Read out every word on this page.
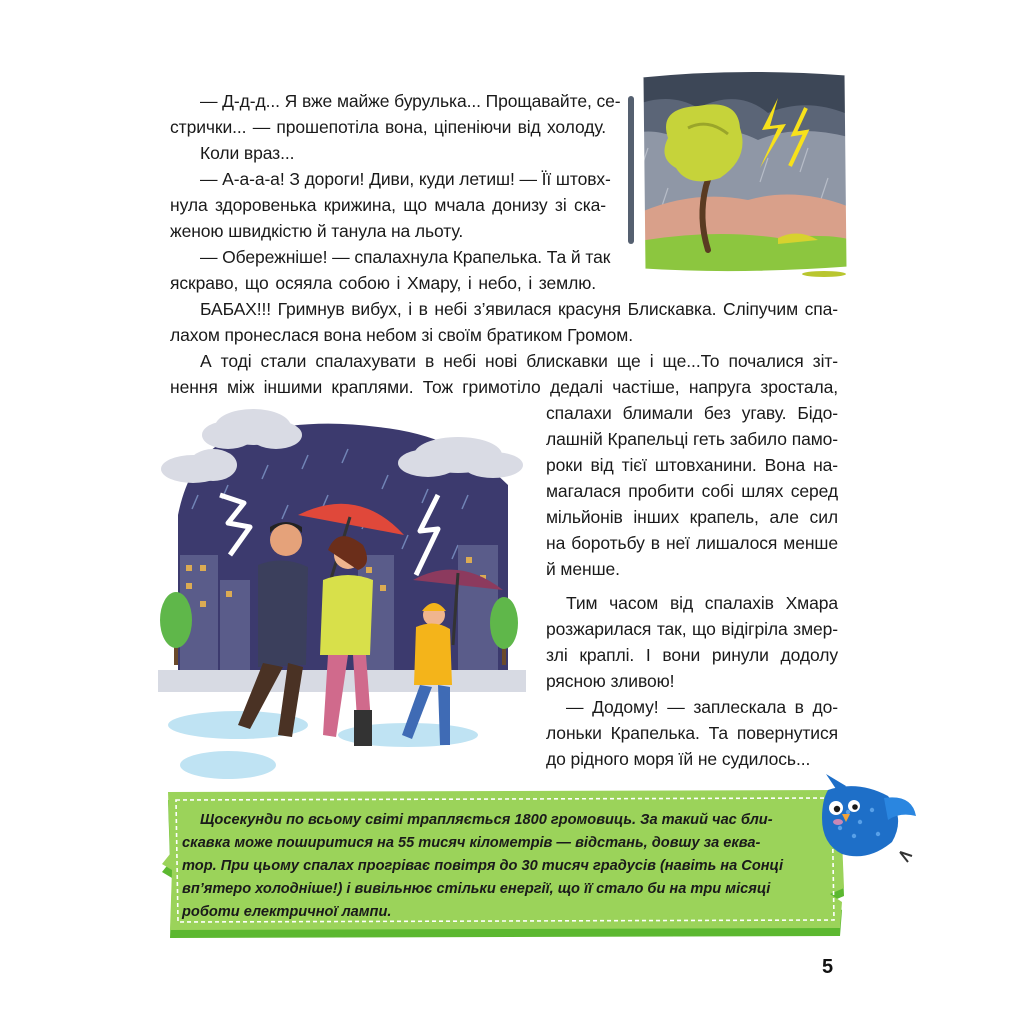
— Д-д-д... Я вже майже бурулька... Прощавайте, се-
стрички... — прошепотіла вона, ціпеніючи від холоду.
Коли враз...
— А-а-а-а! З дороги! Диви, куди летиш! — Її штовх-
нула здоровенька крижина, що мчала донизу зі ска-
женою швидкістю й танула на льоту.
— Обережніше! — спалахнула Крапелька. Та й так
яскраво, що осяяла собою і Хмару, і небо, і землю.
БАБАХ!!! Гримнув вибух, і в небі з’явилася красуня Блискавка. Сліпучим спа-
лахом пронеслася вона небом зі своїм братиком Громом.
А тоді стали спалахувати в небі нові блискавки ще і ще...То почалися зіт-
нення між іншими краплями. Тож гримотіло дедалі частіше, напруга зростала,
спалахи блимали без угаву. Бідо-
лашній Крапельці геть забило памо-
роки від тієї штовханини. Вона на-
магалася пробити собі шлях серед
мільйонів інших крапель, але сил
на боротьбу в неї лишалося менше
й менше.
Тим часом від спалахів Хмара
розжарилася так, що відігріла змер-
злі краплі. І вони ринули додолу
рясною зливою!
— Додому! — заплескала в до-
лоньки Крапелька. Та повернутися
до рідного моря їй не судилось...
Щосекунди по всьому світі трапляється 1800 громовиць. За такий час бли-
скавка може поширитися на 55 тисяч кілометрів — відстань, довшу за еква-
тор. При цьому спалах прогріває повітря до 30 тисяч градусів (навіть на Сонці
вп’ятеро холодніше!) і вивільнює стільки енергії, що її стало би на три місяці
роботи електричної лампи.
5
